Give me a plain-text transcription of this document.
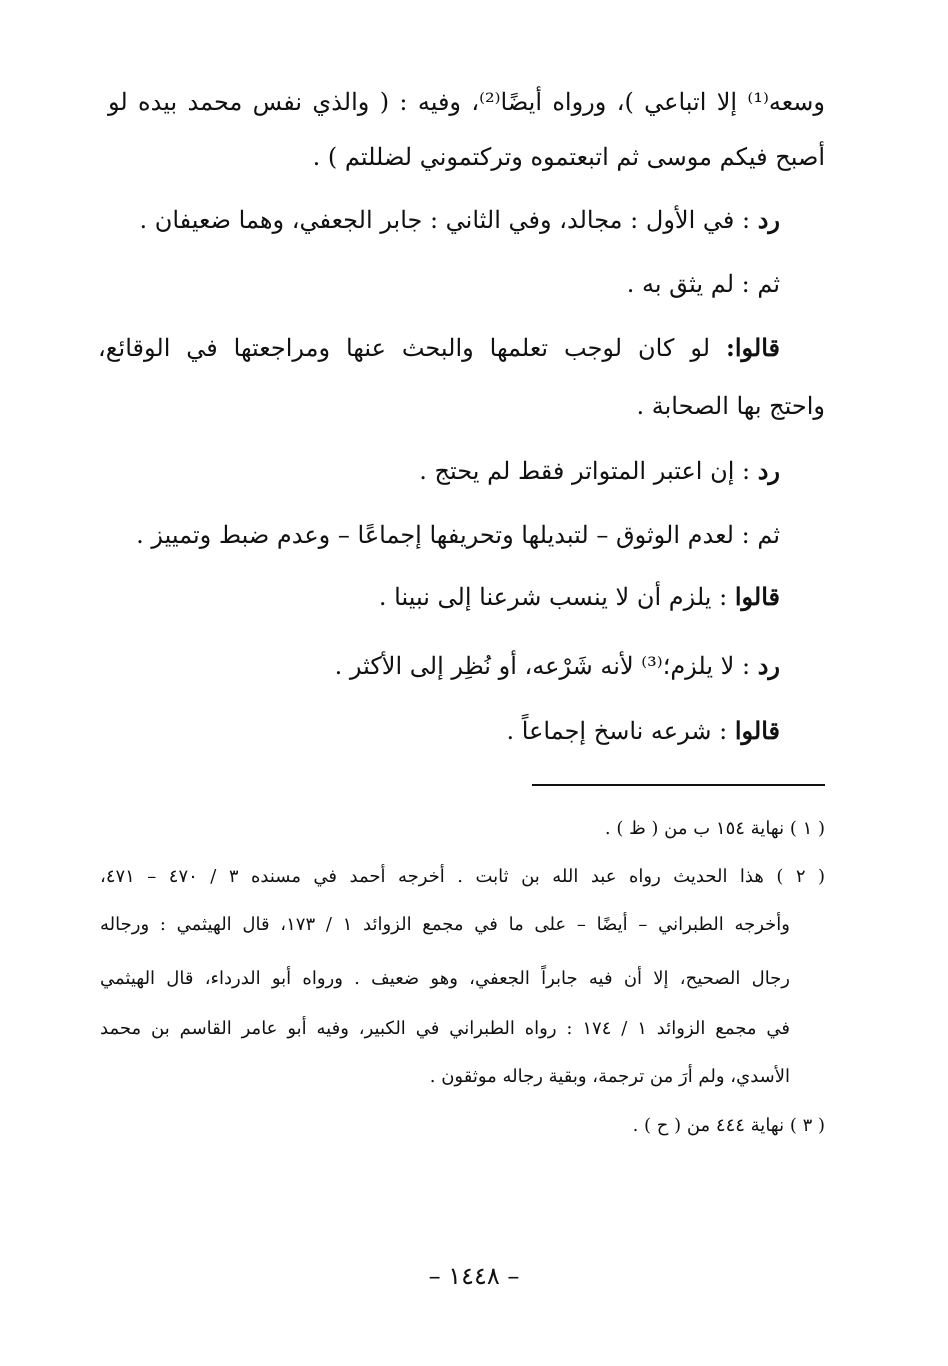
وسعه⁽¹⁾ إلا اتباعي )، ورواه أيضًا⁽²⁾، وفيه : ( والذي نفس محمد بيده لو
أصبح فيكم موسى ثم اتبعتموه وتركتموني لضللتم ) .
رد : في الأول : مجالد، وفي الثاني : جابر الجعفي، وهما ضعيفان .
ثم : لم يثق به .
قالوا: لو كان لوجب تعلمها والبحث عنها ومراجعتها في الوقائع،
واحتج بها الصحابة .
رد : إن اعتبر المتواتر فقط لم يحتج .
ثم : لعدم الوثوق – لتبديلها وتحريفها إجماعًا – وعدم ضبط وتمييز .
قالوا : يلزم أن لا ينسب شرعنا إلى نبينا .
رد : لا يلزم؛⁽³⁾ لأنه شَرْعه، أو نُظِر إلى الأكثر .
قالوا : شرعه ناسخ إجماعاً .
( ١ ) نهاية ١٥٤ ب من ( ظ ) .
( ٢ ) هذا الحديث رواه عبد الله بن ثابت . أخرجه أحمد في مسنده ٣ / ٤٧٠ – ٤٧١،
وأخرجه الطبراني – أيضًا – على ما في مجمع الزوائد ١ / ١٧٣، قال الهيثمي : ورجاله
رجال الصحيح، إلا أن فيه جابراً الجعفي، وهو ضعيف . ورواه أبو الدرداء، قال الهيثمي
في مجمع الزوائد ١ / ١٧٤ : رواه الطبراني في الكبير، وفيه أبو عامر القاسم بن محمد
الأسدي، ولم أرَ من ترجمة، وبقية رجاله موثقون .
( ٣ ) نهاية ٤٤٤ من ( ح ) .
– ١٤٤٨ –
